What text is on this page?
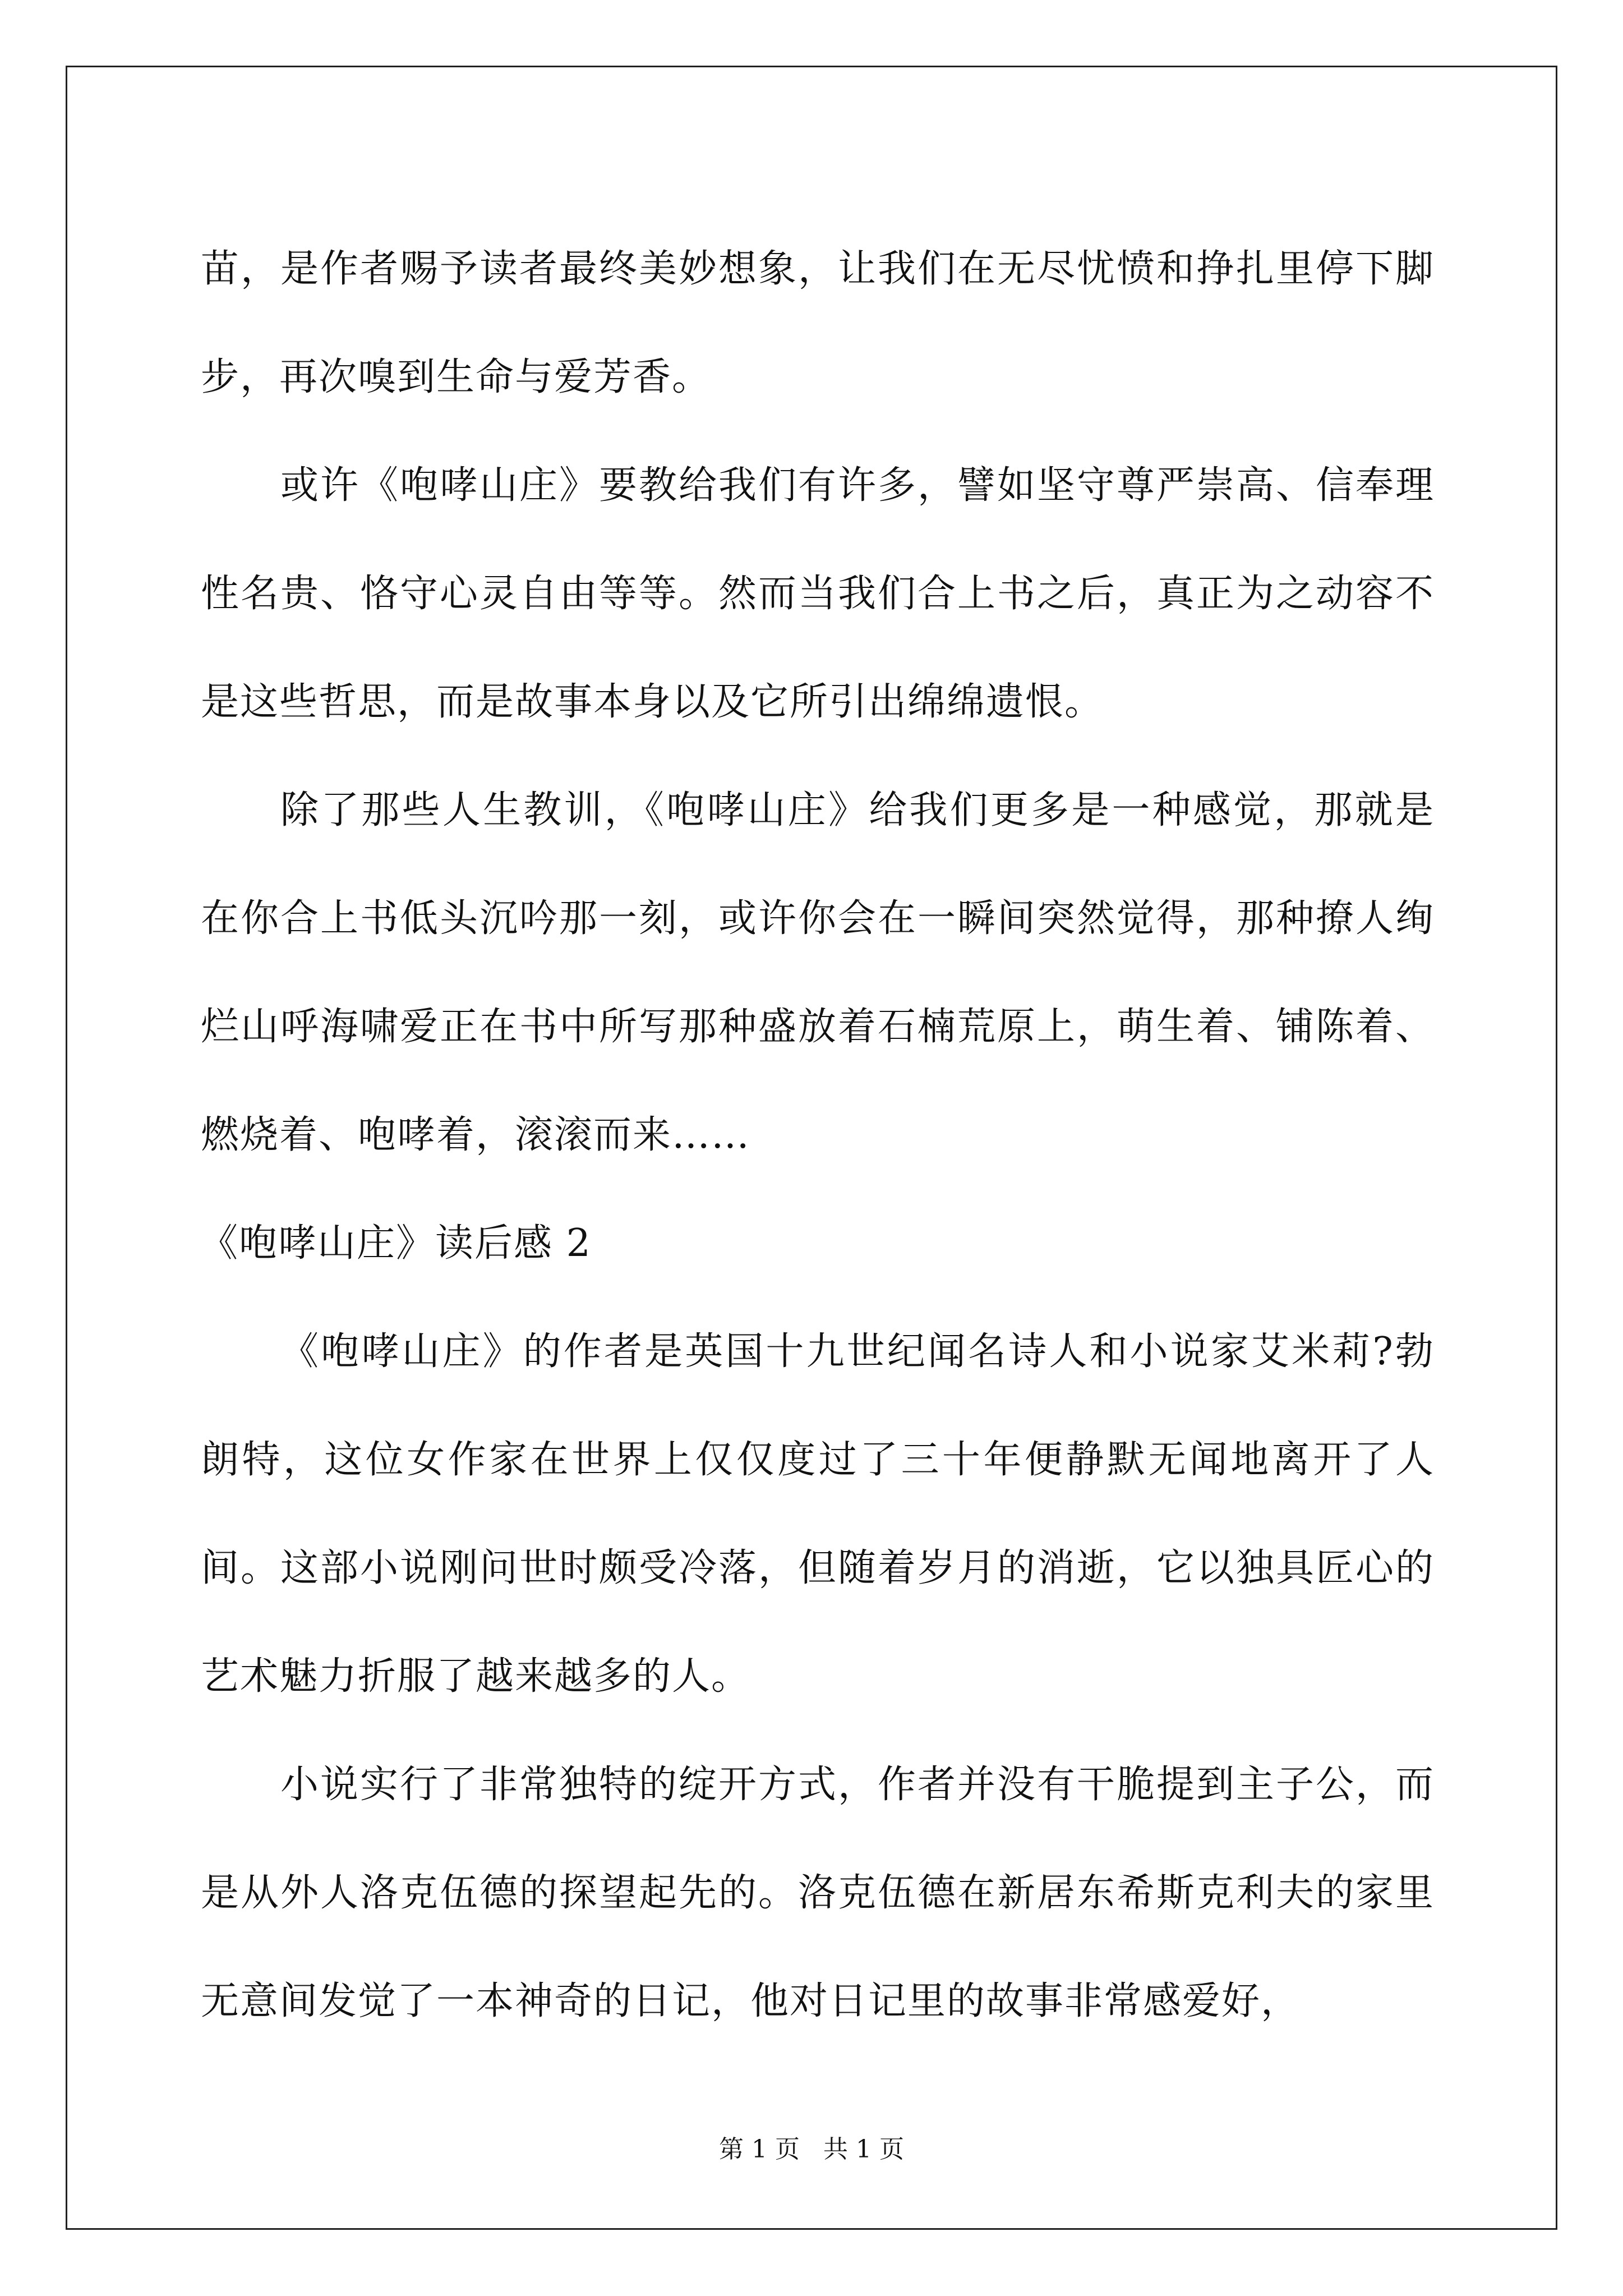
苗，是作者赐予读者最终美妙想象，让我们在无尽忧愤和挣扎里停下脚步，再次嗅到生命与爱芳香。

或许《咆哮山庄》要教给我们有许多，譬如坚守尊严崇高、信奉理性名贵、恪守心灵自由等等。然而当我们合上书之后，真正为之动容不是这些哲思，而是故事本身以及它所引出绵绵遗恨。

除了那些人生教训，《咆哮山庄》给我们更多是一种感觉，那就是在你合上书低头沉吟那一刻，或许你会在一瞬间突然觉得，那种撩人绚烂山呼海啸爱正在书中所写那种盛放着石楠荒原上，萌生着、铺陈着、燃烧着、咆哮着，滚滚而来……

《咆哮山庄》读后感 2

《咆哮山庄》的作者是英国十九世纪闻名诗人和小说家艾米莉?勃朗特，这位女作家在世界上仅仅度过了三十年便静默无闻地离开了人间。这部小说刚问世时颇受冷落，但随着岁月的消逝，它以独具匠心的艺术魅力折服了越来越多的人。

小说实行了非常独特的绽开方式，作者并没有干脆提到主子公，而是从外人洛克伍德的探望起先的。洛克伍德在新居东希斯克利夫的家里无意间发觉了一本神奇的日记，他对日记里的故事非常感爱好，

第 1 页 共 1 页
